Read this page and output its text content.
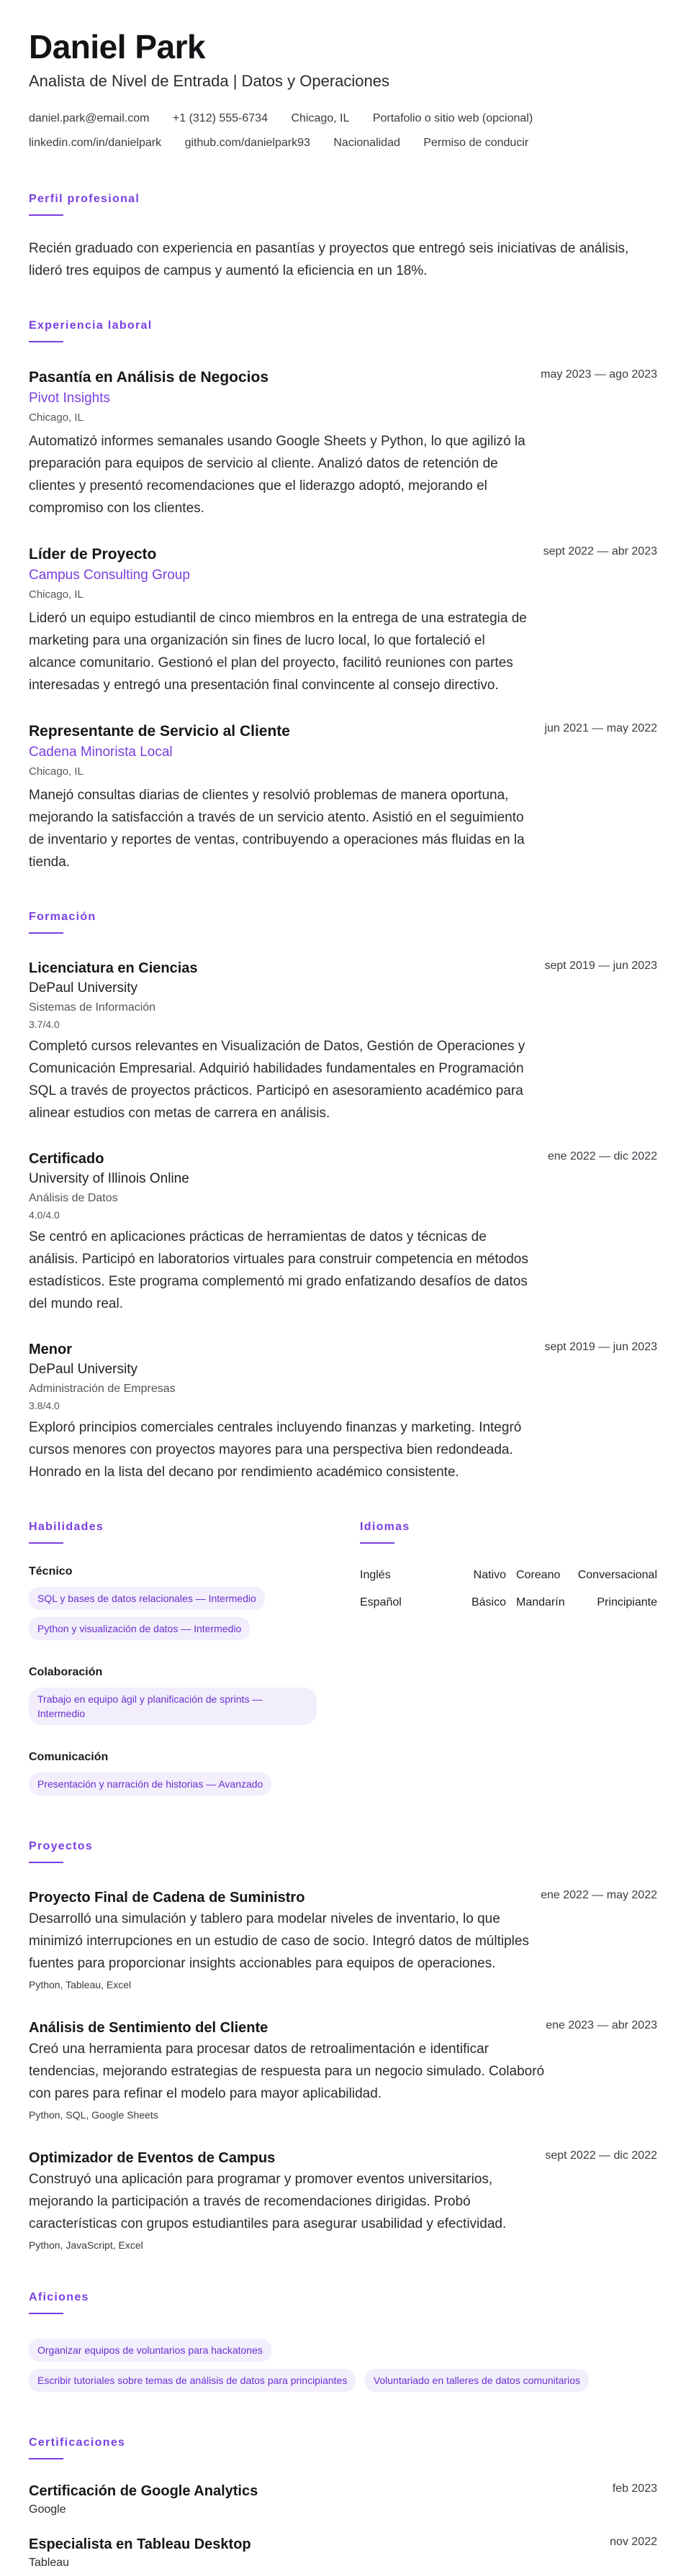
Daniel Park
Analista de Nivel de Entrada | Datos y Operaciones
daniel.park@email.com +1 (312) 555-6734 Chicago, IL Portafolio o sitio web (opcional)
linkedin.com/in/danielpark github.com/danielpark93 Nacionalidad Permiso de conducir
Perfil profesional
Recién graduado con experiencia en pasantías y proyectos que entregó seis iniciativas de análisis, lideró tres equipos de campus y aumentó la eficiencia en un 18%.
Experiencia laboral
Pasantía en Análisis de Negocios	may 2023 — ago 2023
Pivot Insights
Chicago, IL
Automatizó informes semanales usando Google Sheets y Python, lo que agilizó la preparación para equipos de servicio al cliente. Analizó datos de retención de clientes y presentó recomendaciones que el liderazgo adoptó, mejorando el compromiso con los clientes.
Líder de Proyecto	sept 2022 — abr 2023
Campus Consulting Group
Chicago, IL
Lideró un equipo estudiantil de cinco miembros en la entrega de una estrategia de marketing para una organización sin fines de lucro local, lo que fortaleció el alcance comunitario. Gestionó el plan del proyecto, facilitó reuniones con partes interesadas y entregó una presentación final convincente al consejo directivo.
Representante de Servicio al Cliente	jun 2021 — may 2022
Cadena Minorista Local
Chicago, IL
Manejó consultas diarias de clientes y resolvió problemas de manera oportuna, mejorando la satisfacción a través de un servicio atento. Asistió en el seguimiento de inventario y reportes de ventas, contribuyendo a operaciones más fluidas en la tienda.
Formación
Licenciatura en Ciencias	sept 2019 — jun 2023
DePaul University
Sistemas de Información
3.7/4.0
Completó cursos relevantes en Visualización de Datos, Gestión de Operaciones y Comunicación Empresarial. Adquirió habilidades fundamentales en Programación SQL a través de proyectos prácticos. Participó en asesoramiento académico para alinear estudios con metas de carrera en análisis.
Certificado	ene 2022 — dic 2022
University of Illinois Online
Análisis de Datos
4.0/4.0
Se centró en aplicaciones prácticas de herramientas de datos y técnicas de análisis. Participó en laboratorios virtuales para construir competencia en métodos estadísticos. Este programa complementó mi grado enfatizando desafíos de datos del mundo real.
Menor	sept 2019 — jun 2023
DePaul University
Administración de Empresas
3.8/4.0
Exploró principios comerciales centrales incluyendo finanzas y marketing. Integró cursos menores con proyectos mayores para una perspectiva bien redondeada. Honrado en la lista del decano por rendimiento académico consistente.
Habilidades
Técnico
SQL y bases de datos relacionales — Intermedio
Python y visualización de datos — Intermedio
Colaboración
Trabajo en equipo ágil y planificación de sprints — Intermedio
Comunicación
Presentación y narración de historias — Avanzado
Idiomas
Inglés	Nativo Coreano	Conversacional
Español	Básico Mandarín	Principiante
Proyectos
Proyecto Final de Cadena de Suministro	ene 2022 — may 2022
Desarrolló una simulación y tablero para modelar niveles de inventario, lo que minimizó interrupciones en un estudio de caso de socio. Integró datos de múltiples fuentes para proporcionar insights accionables para equipos de operaciones.
Python, Tableau, Excel
Análisis de Sentimiento del Cliente	ene 2023 — abr 2023
Creó una herramienta para procesar datos de retroalimentación e identificar tendencias, mejorando estrategias de respuesta para un negocio simulado. Colaboró con pares para refinar el modelo para mayor aplicabilidad.
Python, SQL, Google Sheets
Optimizador de Eventos de Campus	sept 2022 — dic 2022
Construyó una aplicación para programar y promover eventos universitarios, mejorando la participación a través de recomendaciones dirigidas. Probó características con grupos estudiantiles para asegurar usabilidad y efectividad.
Python, JavaScript, Excel
Aficiones
Organizar equipos de voluntarios para hackatones
Escribir tutoriales sobre temas de análisis de datos para principiantes	Voluntariado en talleres de datos comunitarios
Certificaciones
Certificación de Google Analytics	feb 2023
Google
Especialista en Tableau Desktop	nov 2022
Tableau
